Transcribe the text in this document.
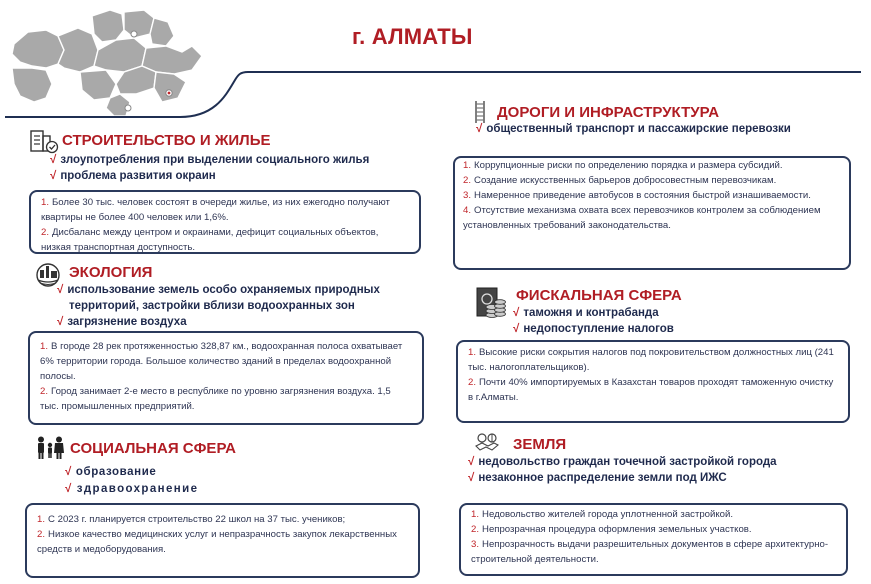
г. АЛМАТЫ
СТРОИТЕЛЬСТВО И ЖИЛЬЕ
√ злоупотребления при выделении социального жилья
√ проблема развития окраин

1. Более 30 тыс. человек состоят в очереди жилье, из них ежегодно получают квартиры не более 400 человек или 1,6%.

2. Дисбаланс между центром и окраинами, дефицит социальных объектов, низкая транспортная доступность.

ЭКОЛОГИЯ
√ использование земель особо охраняемых природных
территорий, застройки вблизи водоохранных зон
√ загрязнение воздуха

1. В городе 28 рек протяженностью 328,87 км., водоохранная полоса охватывает 6% территории города. Большое количество зданий в пределах водоохранной полосы.

2. Город занимает 2-е место в республике по уровню загрязнения воздуха. 1,5 тыс. промышленных предприятий.

СОЦИАЛЬНАЯ СФЕРА
√ образование
√ здравоохранение

1. С 2023 г. планируется строительство 22 школ на 37 тыс. учеников;

2. Низкое качество медицинских услуг и непразрачность закупок лекарственных средств и медоборудования.

ДОРОГИ И ИНФРАСТРУКТУРА
√ общественный транспорт и пассажирские перевозки

1. Коррупционные риски по определению порядка и размера субсидий.

2. Создание искусственных барьеров добросовестным перевозчикам.

3. Намеренное приведение автобусов в состояния быстрой изнашиваемости.

4. Отсутствие механизма охвата всех перевозчиков контролем за соблюдением установленных требований законодательства.

ФИСКАЛЬНАЯ СФЕРА
√ таможня и контрабанда
√ недопоступление налогов

1. Высокие риски сокрытия налогов под покровительством должностных лиц (241 тыс. налогоплательщиков).

2. Почти 40% импортируемых в Казахстан товаров проходят таможенную очистку в г.Алматы.

ЗЕМЛЯ
√ недовольство граждан точечной застройкой города
√ незаконное распределение земли под ИЖС

1. Недовольство жителей города уплотненной застройкой.

2. Непрозрачная процедура оформления земельных участков.

3. Непрозрачность выдачи разрешительных документов в сфере архитектурно-строительной деятельности.
